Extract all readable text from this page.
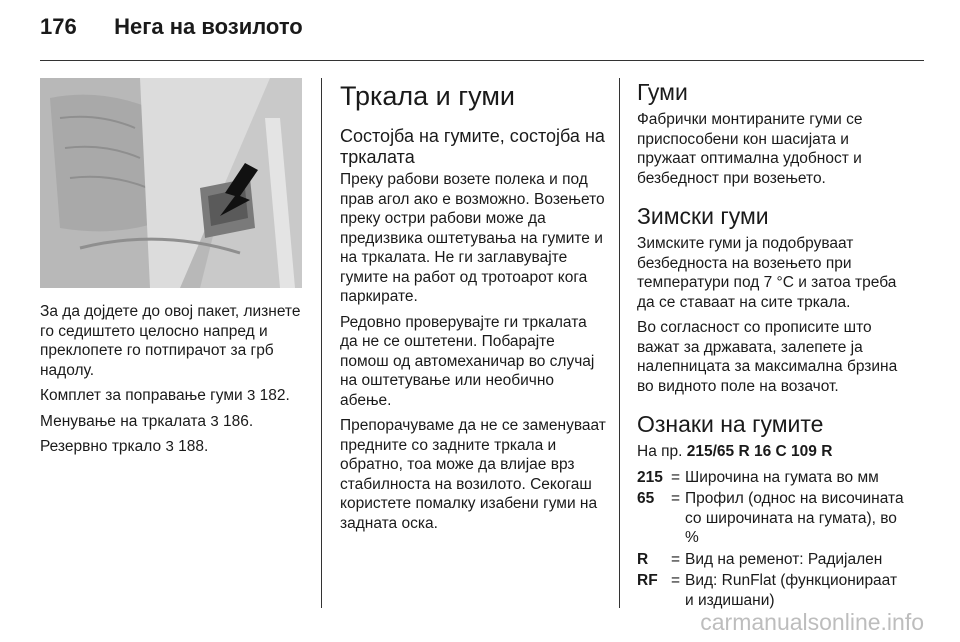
176 Нега на возилото

За да дојдете до овој пакет, лизнете го седиштето целосно напред и преклопете го потпирачот за грб надолу.

Комплет за поправање гуми 3 182.

Менување на тркалата 3 186.

Резервно тркало 3 188.

Тркала и гуми
Состојба на гумите, состојба на тркалата

Преку рабови возете полека и под прав агол ако е возможно. Возењето преку остри рабови може да предизвика оштетувања на гумите и на тркалата. Не ги заглавувајте гумите на работ од тротоарот кога паркирате.

Редовно проверувајте ги тркалата да не се оштетени. Побарајте помош од автомеханичар во случај на оштетување или необично абење.

Препорачуваме да не се заменуваат предните со задните тркала и обратно, тоа може да влијае врз стабилноста на возилото. Секогаш користете помалку изабени гуми на задната оска.

Гуми

Фабрички монтираните гуми се приспособени кон шасијата и пружаат оптимална удобност и безбедност при возењето.

Зимски гуми

Зимските гуми ја подобруваат безбедноста на возењето при температури под 7 °C и затоа треба да се ставаат на сите тркала.

Во согласност со прописите што важат за државата, залепете ја налепницата за максимална брзина во видното поле на возачот.

Ознаки на гумите

На пр. 215/65 R 16 C 109 R

215 = Широчина на гумата во мм
65	= Профил (однос на височината со широчината на гумата), во %
R	= Вид на ременот: Радијален
RF = Вид: RunFlat (функционираат и издишани)
carmanualsonline.info
